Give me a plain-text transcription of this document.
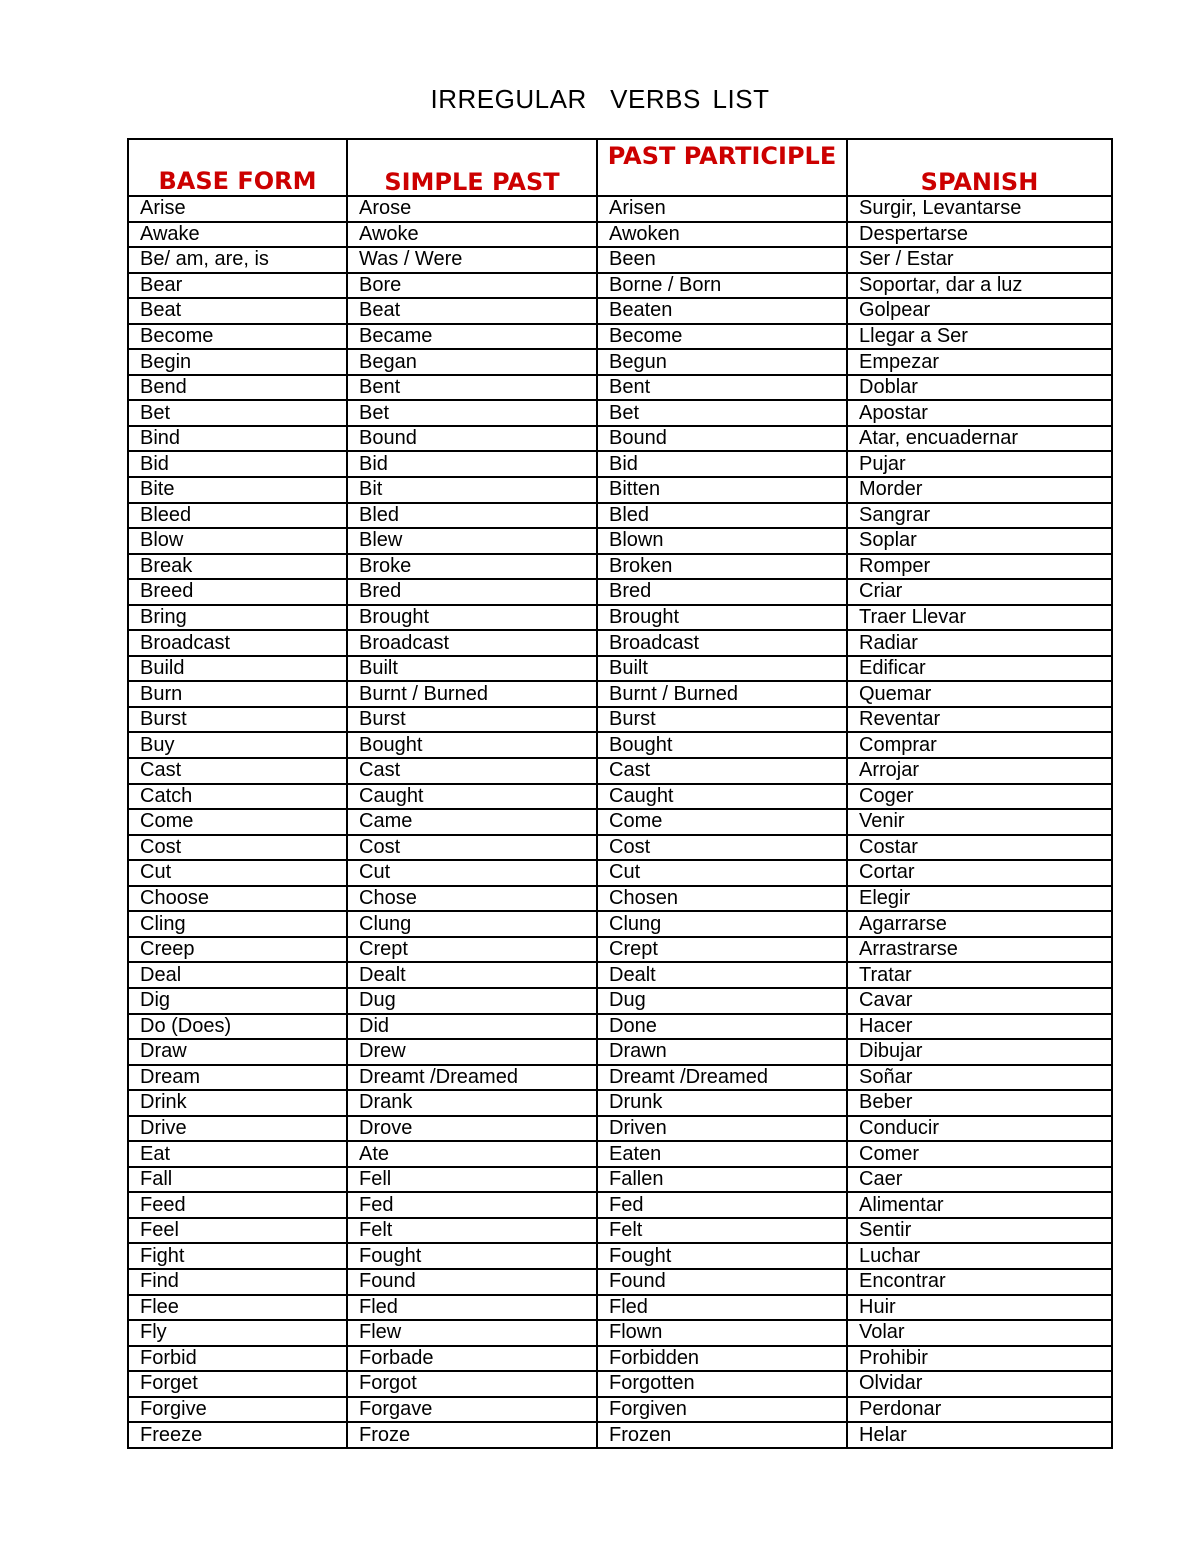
IRREGULAR  VERBS LIST
BASE FORM	SIMPLE PAST	PAST PARTICIPLE	SPANISH

Arise	Arose	Arisen	Surgir, Levantarse
Awake	Awoke	Awoken	Despertarse
Be/ am, are, is	Was / Were	Been	Ser / Estar
Bear	Bore	Borne / Born	Soportar, dar a luz
Beat	Beat	Beaten	Golpear
Become	Became	Become	Llegar a Ser
Begin	Began	Begun	Empezar
Bend	Bent	Bent	Doblar
Bet	Bet	Bet	Apostar
Bind	Bound	Bound	Atar, encuadernar
Bid	Bid	Bid	Pujar
Bite	Bit	Bitten	Morder
Bleed	Bled	Bled	Sangrar
Blow	Blew	Blown	Soplar
Break	Broke	Broken	Romper
Breed	Bred	Bred	Criar
Bring	Brought	Brought	Traer Llevar
Broadcast	Broadcast	Broadcast	Radiar
Build	Built	Built	Edificar
Burn	Burnt / Burned	Burnt / Burned	Quemar
Burst	Burst	Burst	Reventar
Buy	Bought	Bought	Comprar
Cast	Cast	Cast	Arrojar
Catch	Caught	Caught	Coger
Come	Came	Come	Venir
Cost	Cost	Cost	Costar
Cut	Cut	Cut	Cortar
Choose	Chose	Chosen	Elegir
Cling	Clung	Clung	Agarrarse
Creep	Crept	Crept	Arrastrarse
Deal	Dealt	Dealt	Tratar
Dig	Dug	Dug	Cavar
Do (Does)	Did	Done	Hacer
Draw	Drew	Drawn	Dibujar
Dream	Dreamt /Dreamed	Dreamt /Dreamed	Soñar
Drink	Drank	Drunk	Beber
Drive	Drove	Driven	Conducir
Eat	Ate	Eaten	Comer
Fall	Fell	Fallen	Caer
Feed	Fed	Fed	Alimentar
Feel	Felt	Felt	Sentir
Fight	Fought	Fought	Luchar
Find	Found	Found	Encontrar
Flee	Fled	Fled	Huir
Fly	Flew	Flown	Volar
Forbid	Forbade	Forbidden	Prohibir
Forget	Forgot	Forgotten	Olvidar
Forgive	Forgave	Forgiven	Perdonar
Freeze	Froze	Frozen	Helar
